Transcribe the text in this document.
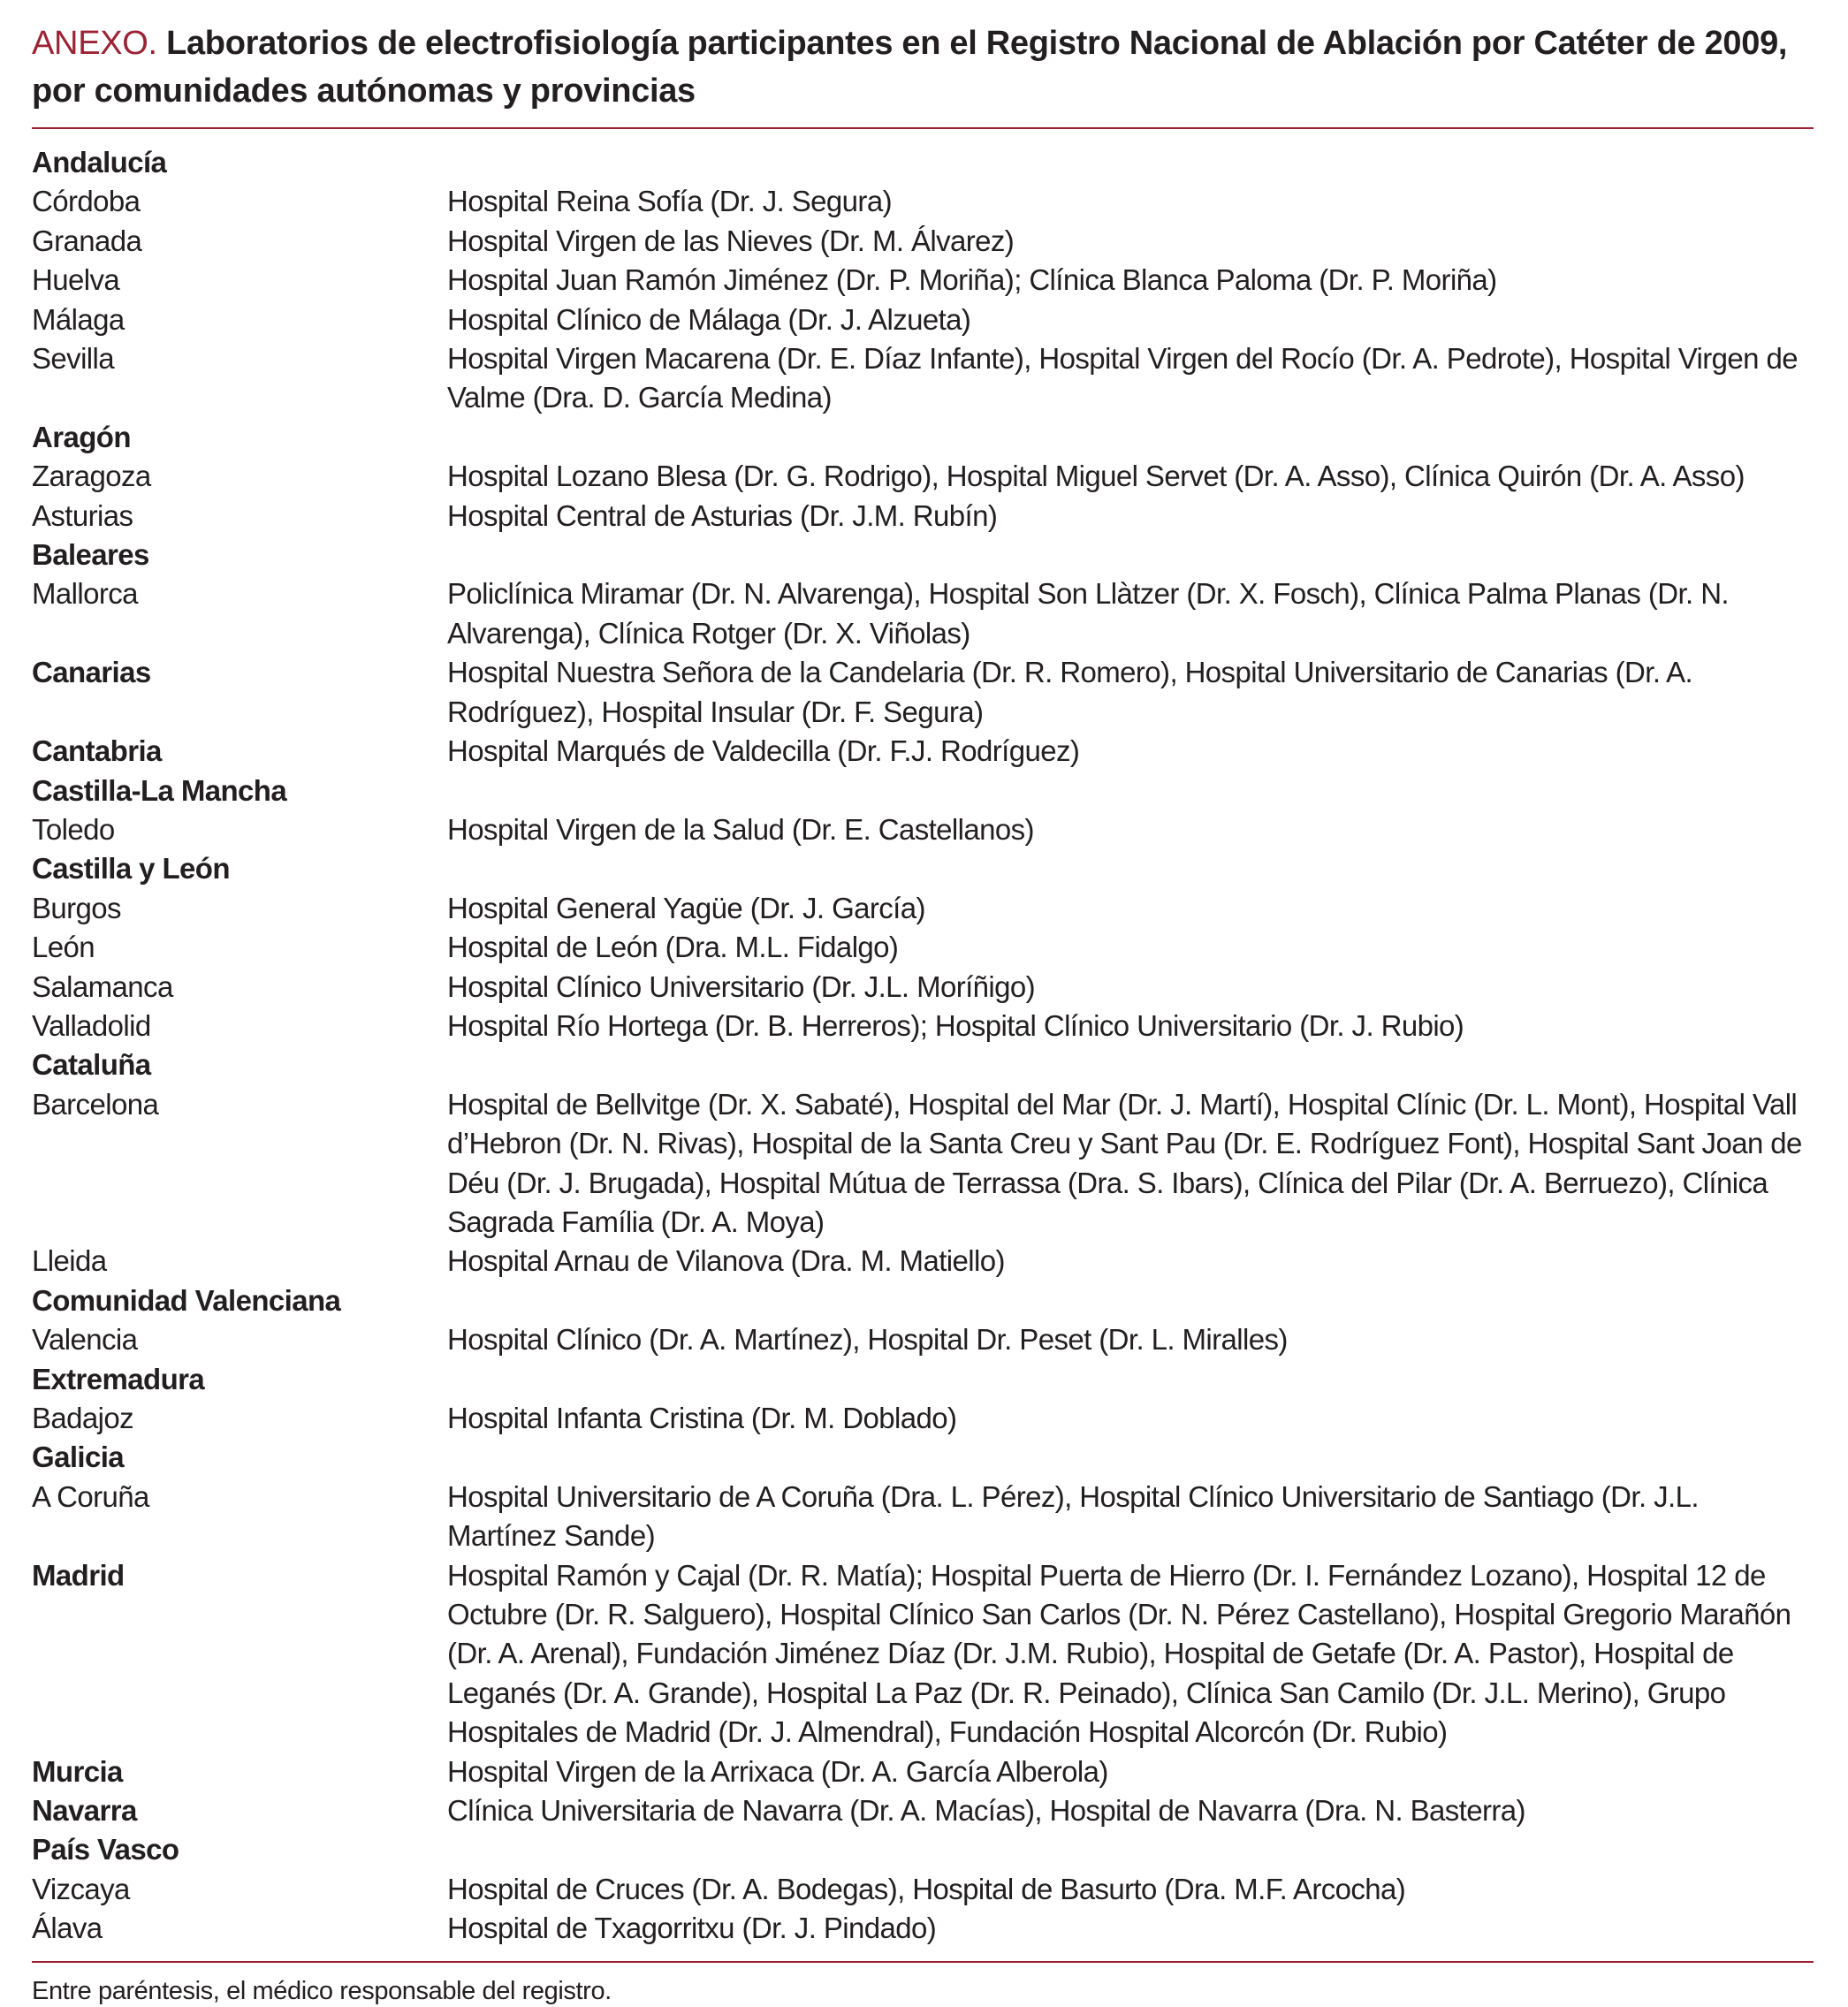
ANEXO. Laboratorios de electrofisiología participantes en el Registro Nacional de Ablación por Catéter de 2009, por comunidades autónomas y provincias
Andalucía
Córdoba	Hospital Reina Sofía (Dr. J. Segura)
Granada	Hospital Virgen de las Nieves (Dr. M. Álvarez)
Huelva	Hospital Juan Ramón Jiménez (Dr. P. Moriña); Clínica Blanca Paloma (Dr. P. Moriña)
Málaga	Hospital Clínico de Málaga (Dr. J. Alzueta)
Sevilla	Hospital Virgen Macarena (Dr. E. Díaz Infante), Hospital Virgen del Rocío (Dr. A. Pedrote), Hospital Virgen de Valme (Dra. D. García Medina)
Aragón
Zaragoza	Hospital Lozano Blesa (Dr. G. Rodrigo), Hospital Miguel Servet (Dr. A. Asso), Clínica Quirón (Dr. A. Asso)
Asturias	Hospital Central de Asturias (Dr. J.M. Rubín)
Baleares
Mallorca	Policlínica Miramar (Dr. N. Alvarenga), Hospital Son Llàtzer (Dr. X. Fosch), Clínica Palma Planas (Dr. N. Alvarenga), Clínica Rotger (Dr. X. Viñolas)
Canarias	Hospital Nuestra Señora de la Candelaria (Dr. R. Romero), Hospital Universitario de Canarias (Dr. A. Rodríguez), Hospital Insular (Dr. F. Segura)
Cantabria	Hospital Marqués de Valdecilla (Dr. F.J. Rodríguez)
Castilla-La Mancha
Toledo	Hospital Virgen de la Salud (Dr. E. Castellanos)
Castilla y León
Burgos	Hospital General Yagüe (Dr. J. García)
León	Hospital de León (Dra. M.L. Fidalgo)
Salamanca	Hospital Clínico Universitario (Dr. J.L. Moríñigo)
Valladolid	Hospital Río Hortega (Dr. B. Herreros); Hospital Clínico Universitario (Dr. J. Rubio)
Cataluña
Barcelona	Hospital de Bellvitge (Dr. X. Sabaté), Hospital del Mar (Dr. J. Martí), Hospital Clínic (Dr. L. Mont), Hospital Vall d’Hebron (Dr. N. Rivas), Hospital de la Santa Creu y Sant Pau (Dr. E. Rodríguez Font), Hospital Sant Joan de Déu (Dr. J. Brugada), Hospital Mútua de Terrassa (Dra. S. Ibars), Clínica del Pilar (Dr. A. Berruezo), Clínica Sagrada Família (Dr. A. Moya)
Lleida	Hospital Arnau de Vilanova (Dra. M. Matiello)
Comunidad Valenciana
Valencia	Hospital Clínico (Dr. A. Martínez), Hospital Dr. Peset (Dr. L. Miralles)
Extremadura
Badajoz	Hospital Infanta Cristina (Dr. M. Doblado)
Galicia
A Coruña	Hospital Universitario de A Coruña (Dra. L. Pérez), Hospital Clínico Universitario de Santiago (Dr. J.L. Martínez Sande)
Madrid	Hospital Ramón y Cajal (Dr. R. Matía); Hospital Puerta de Hierro (Dr. I. Fernández Lozano), Hospital 12 de Octubre (Dr. R. Salguero), Hospital Clínico San Carlos (Dr. N. Pérez Castellano), Hospital Gregorio Marañón (Dr. A. Arenal), Fundación Jiménez Díaz (Dr. J.M. Rubio), Hospital de Getafe (Dr. A. Pastor), Hospital de Leganés (Dr. A. Grande), Hospital La Paz (Dr. R. Peinado), Clínica San Camilo (Dr. J.L. Merino), Grupo Hospitales de Madrid (Dr. J. Almendral), Fundación Hospital Alcorcón (Dr. Rubio)
Murcia	Hospital Virgen de la Arrixaca (Dr. A. García Alberola)
Navarra	Clínica Universitaria de Navarra (Dr. A. Macías), Hospital de Navarra (Dra. N. Basterra)
País Vasco
Vizcaya	Hospital de Cruces (Dr. A. Bodegas), Hospital de Basurto (Dra. M.F. Arcocha)
Álava	Hospital de Txagorritxu (Dr. J. Pindado)
Entre paréntesis, el médico responsable del registro.
